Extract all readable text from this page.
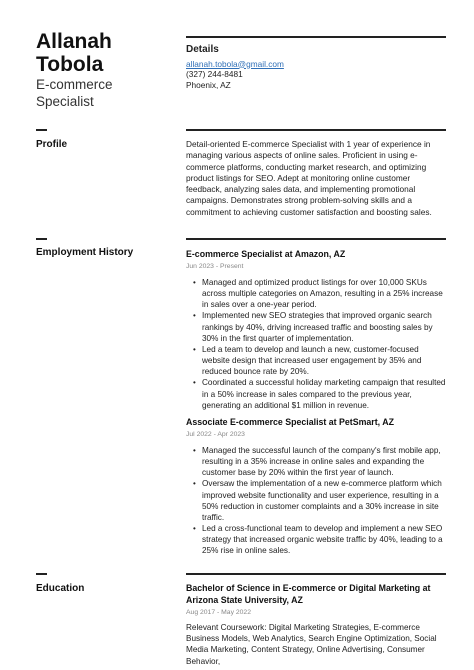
Allanah
Tobola
E-commerce
Specialist
Details
allanah.tobola@gmail.com
(327) 244-8481
Phoenix, AZ
Profile	Detail-oriented E-commerce Specialist with 1 year of experience in managing various aspects of online sales. Proficient in using e-commerce platforms, conducting market research, and optimizing product listings for SEO. Adept at monitoring online customer feedback, analyzing sales data, and implementing promotional campaigns. Demonstrates strong problem-solving skills and a commitment to achieving customer satisfaction and boosting sales.
Employment History	E-commerce Specialist at Amazon, AZ
Jun 2023 - Present
• Managed and optimized product listings for over 10,000 SKUs across multiple categories on Amazon, resulting in a 25% increase in sales over a one-year period.
• Implemented new SEO strategies that improved organic search rankings by 40%, driving increased traffic and boosting sales by 30% in the first quarter of implementation.
• Led a team to develop and launch a new, customer-focused website design that increased user engagement by 35% and reduced bounce rate by 20%.
• Coordinated a successful holiday marketing campaign that resulted in a 50% increase in sales compared to the previous year, generating an additional $1 million in revenue.
Associate E-commerce Specialist at PetSmart, AZ
Jul 2022 - Apr 2023
• Managed the successful launch of the company's first mobile app, resulting in a 35% increase in online sales and expanding the customer base by 20% within the first year of launch.
• Oversaw the implementation of a new e-commerce platform which improved website functionality and user experience, resulting in a 50% reduction in customer complaints and a 30% increase in site traffic.
• Led a cross-functional team to develop and implement a new SEO strategy that increased organic website traffic by 40%, leading to a 25% rise in online sales.
Education	Bachelor of Science in E-commerce or Digital Marketing at Arizona State University, AZ
Aug 2017 - May 2022
Relevant Coursework: Digital Marketing Strategies, E-commerce Business Models, Web Analytics, Search Engine Optimization, Social Media Marketing, Content Strategy, Online Advertising, Consumer Behavior,
